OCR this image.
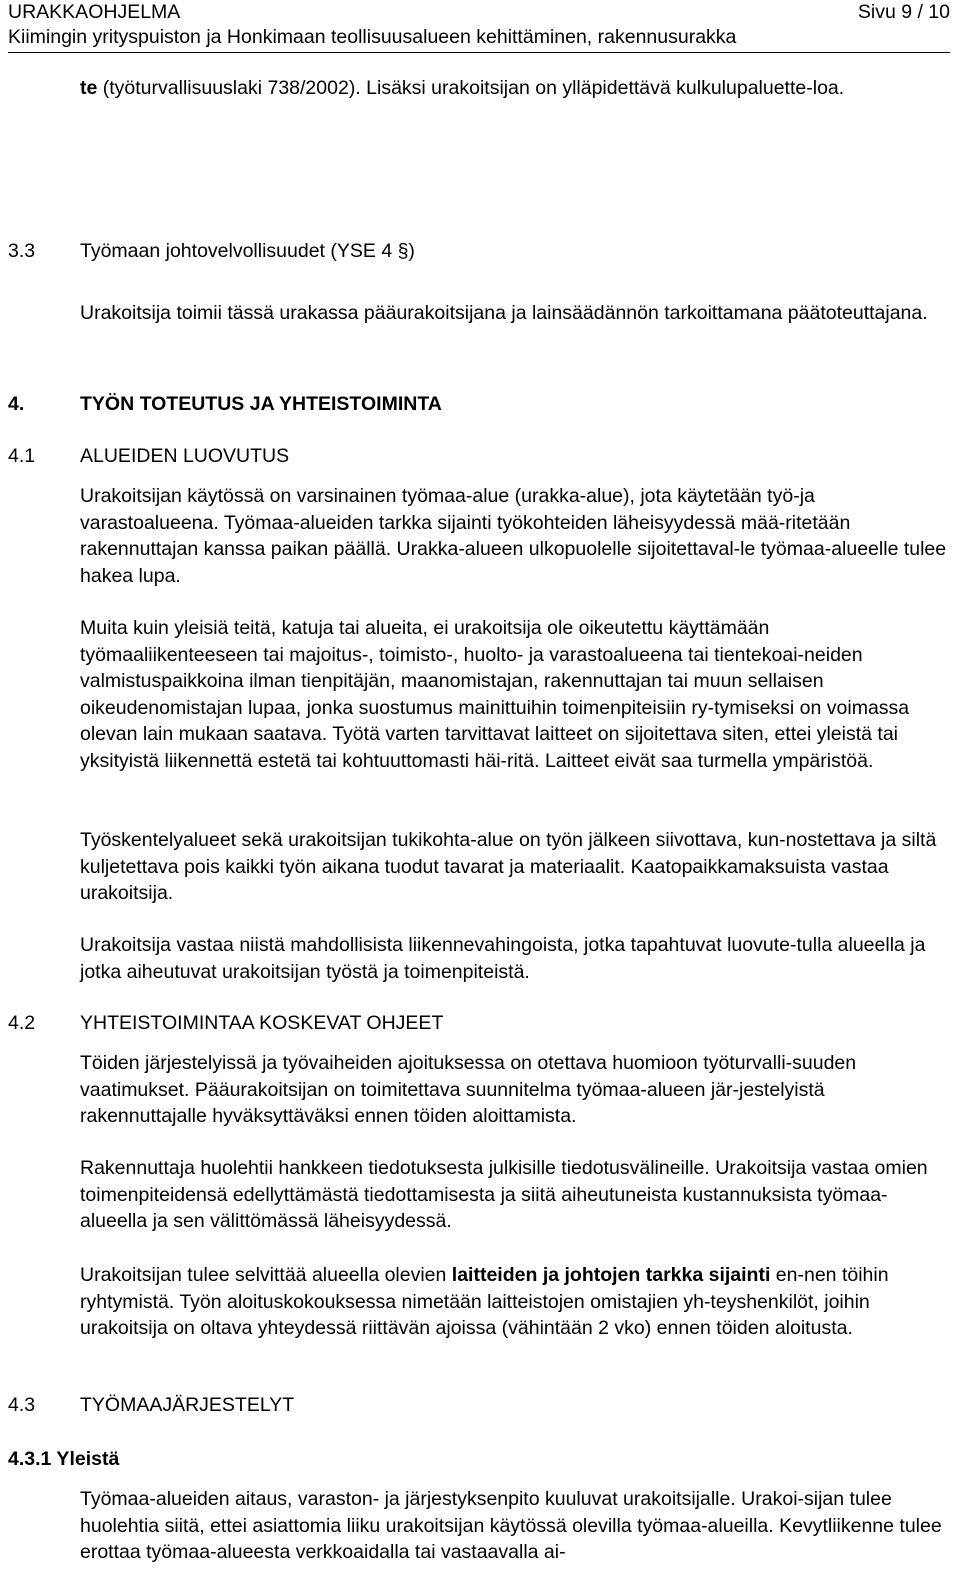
URAKKAOHJELMA	Sivu 9 / 10
Kiimingin yrityspuiston ja Honkimaan teollisuusalueen kehittäminen, rakennusurakka

te (työturvallisuuslaki 738/2002). Lisäksi urakoitsijan on ylläpidettävä kulkulupaluette-loa.

3.3 Työmaan johtovelvollisuudet (YSE 4 §)

Urakoitsija toimii tässä urakassa pääurakoitsijana ja lainsäädännön tarkoittamana päätoteuttajana.

4.	TYÖN TOTEUTUS JA YHTEISTOIMINTA
4.1 ALUEIDEN LUOVUTUS

Urakoitsijan käytössä on varsinainen työmaa-alue (urakka-alue), jota käytetään työ-ja varastoalueena. Työmaa-alueiden tarkka sijainti työkohteiden läheisyydessä mää-ritetään rakennuttajan kanssa paikan päällä. Urakka-alueen ulkopuolelle sijoitettaval-le työmaa-alueelle tulee hakea lupa.

Muita kuin yleisiä teitä, katuja tai alueita, ei urakoitsija ole oikeutettu käyttämään työmaaliikenteeseen tai majoitus-, toimisto-, huolto- ja varastoalueena tai tientekoai-neiden valmistuspaikkoina ilman tienpitäjän, maanomistajan, rakennuttajan tai muun sellaisen oikeudenomistajan lupaa, jonka suostumus mainittuihin toimenpiteisiin ry-tymiseksi on voimassa olevan lain mukaan saatava. Työtä varten tarvittavat laitteet on sijoitettava siten, ettei yleistä tai yksityistä liikennettä estetä tai kohtuuttomasti häi-ritä. Laitteet eivät saa turmella ympäristöä.

Työskentelyalueet sekä urakoitsijan tukikohta-alue on työn jälkeen siivottava, kun-nostettava ja siltä kuljetettava pois kaikki työn aikana tuodut tavarat ja materiaalit. Kaatopaikkamaksuista vastaa urakoitsija.

Urakoitsija vastaa niistä mahdollisista liikennevahingoista, jotka tapahtuvat luovute-tulla alueella ja jotka aiheutuvat urakoitsijan työstä ja toimenpiteistä.

4.2 YHTEISTOIMINTAA KOSKEVAT OHJEET

Töiden järjestelyissä ja työvaiheiden ajoituksessa on otettava huomioon työturvalli-suuden vaatimukset. Pääurakoitsijan on toimitettava suunnitelma työmaa-alueen jär-jestelyistä rakennuttajalle hyväksyttäväksi ennen töiden aloittamista.

Rakennuttaja huolehtii hankkeen tiedotuksesta julkisille tiedotusvälineille. Urakoitsija vastaa omien toimenpiteidensä edellyttämästä tiedottamisesta ja siitä aiheutuneista kustannuksista työmaa-alueella ja sen välittömässä läheisyydessä.

Urakoitsijan tulee selvittää alueella olevien laitteiden ja johtojen tarkka sijainti en-nen töihin ryhtymistä. Työn aloituskokouksessa nimetään laitteistojen omistajien yh-teyshenkilöt, joihin urakoitsija on oltava yhteydessä riittävän ajoissa (vähintään 2 vko) ennen töiden aloitusta.

4.3 TYÖMAAJÄRJESTELYT
4.3.1 Yleistä

Työmaa-alueiden aitaus, varaston- ja järjestyksenpito kuuluvat urakoitsijalle. Urakoi-sijan tulee huolehtia siitä, ettei asiattomia liiku urakoitsijan käytössä olevilla työmaa-alueilla. Kevytliikenne tulee erottaa työmaa-alueesta verkkoaidalla tai vastaavalla ai-
